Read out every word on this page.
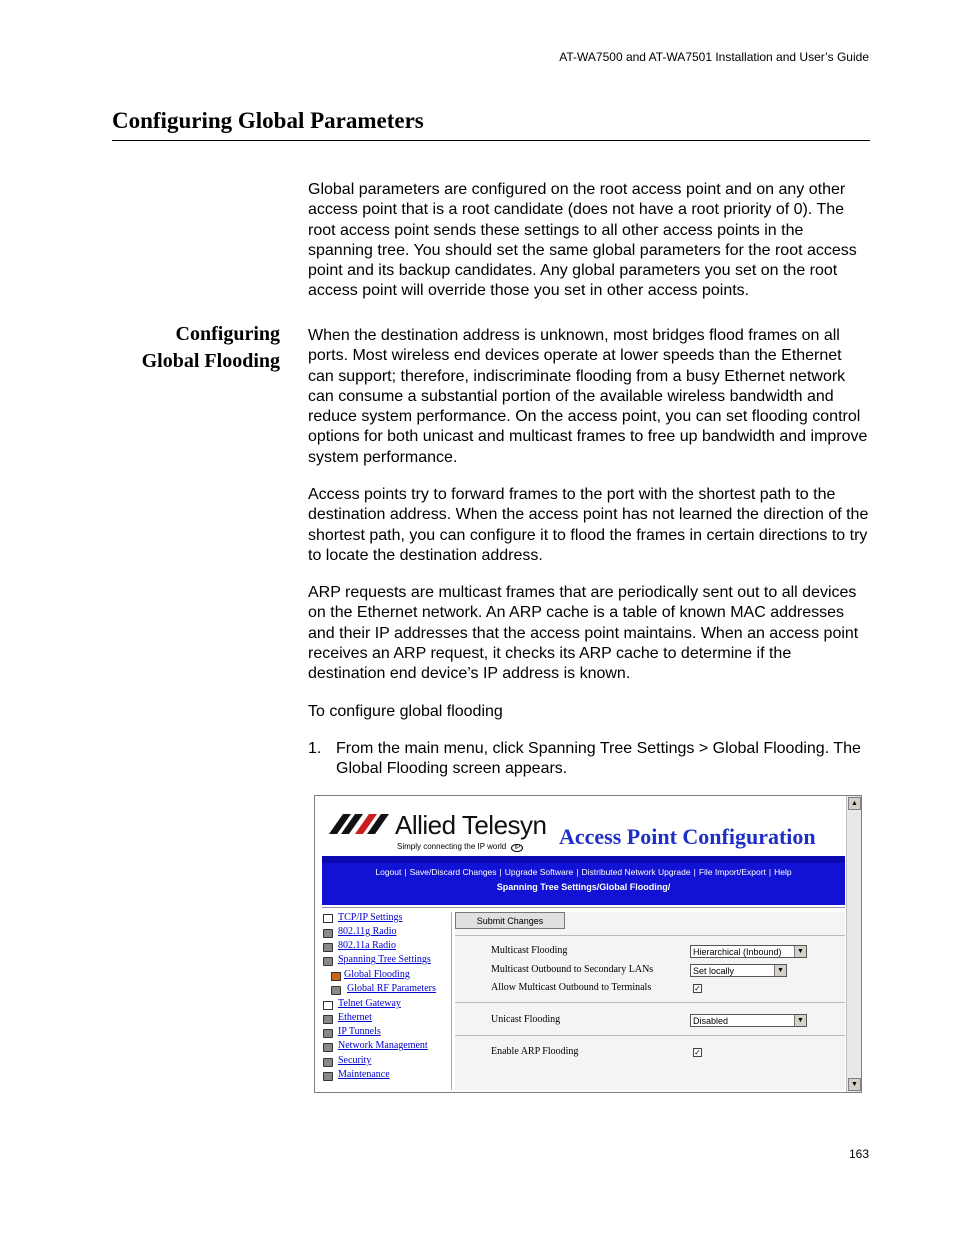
AT-WA7500 and AT-WA7501 Installation and User’s Guide
Configuring Global Parameters

Global parameters are configured on the root access point and on any other access point that is a root candidate (does not have a root priority of 0). The root access point sends these settings to all other access points in the spanning tree. You should set the same global parameters for the root access point and its backup candidates. Any global parameters you set on the root access point will override those you set in other access points.

Configuring
Global Flooding

When the destination address is unknown, most bridges flood frames on all ports. Most wireless end devices operate at lower speeds than the Ethernet can support; therefore, indiscriminate flooding from a busy Ethernet network can consume a substantial portion of the available wireless bandwidth and reduce system performance. On the access point, you can set flooding control options for both unicast and multicast frames to free up bandwidth and improve system performance.

Access points try to forward frames to the port with the shortest path to the destination address. When the access point has not learned the direction of the shortest path, you can configure it to flood the frames in certain directions to try to locate the destination address.

ARP requests are multicast frames that are periodically sent out to all devices on the Ethernet network. An ARP cache is a table of known MAC addresses and their IP addresses that the access point maintains. When an access point receives an ARP request, it checks its ARP cache to determine if the destination end device’s IP address is known.

To configure global flooding

1. From the main menu, click Spanning Tree Settings > Global Flooding. The Global Flooding screen appears.
▲
▼
Allied Telesyn
Simply connecting the IP world IP Access Point Configuration
Logout | Save/Discard Changes | Upgrade Software | Distributed Network Upgrade | File Import/Export | Help
Spanning Tree Settings/Global Flooding/
TCP/IP Settings
802.11g Radio
802.11a Radio
Spanning Tree Settings
Global Flooding
Global RF Parameters
Telnet Gateway
Ethernet
IP Tunnels
Network Management
Security
Maintenance
Submit Changes
Multicast Flooding	Hierarchical (Inbound)	▼
Multicast Outbound to Secondary LANs	Set locally	▼
Allow Multicast Outbound to Terminals	✓
Unicast Flooding	Disabled	▼
Enable ARP Flooding	✓
163
